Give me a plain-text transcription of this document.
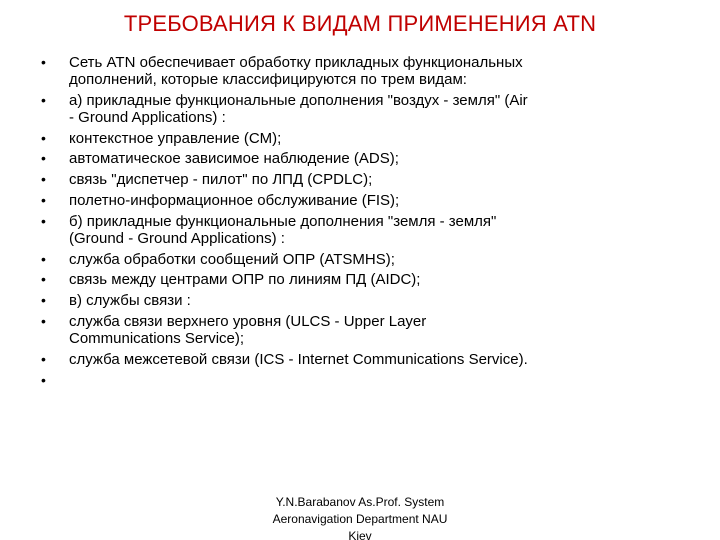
ТРЕБОВАНИЯ К ВИДАМ ПРИМЕНЕНИЯ ATN
• Сеть ATN обеспечивает обработку прикладных функциональных
дополнений, которые классифицируются по трем видам:
• а) прикладные функциональные дополнения "воздух - земля" (Air
- Ground Applications) :
• контекстное управление (CM);
• автоматическое зависимое наблюдение (ADS);
• связь "диспетчер - пилот" по ЛПД (CPDLC);
• полетно-информационное обслуживание (FIS);
• б) прикладные функциональные дополнения "земля - земля"
(Ground - Ground Applications) :
• служба обработки сообщений ОПР (ATSMHS);
• связь между центрами ОПР по линиям ПД (AIDC);
• в) службы связи :
• служба связи верхнего уровня (ULCS - Upper Layer
Communications Service);
• служба межсетевой связи (ICS - Internet Communications Service).
•
Y.N.Barabanov As.Prof. System
Aeronavigation Department NAU
Kiev
